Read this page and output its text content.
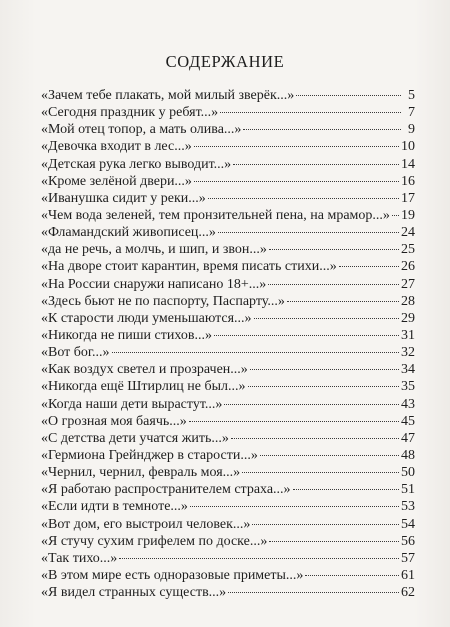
СОДЕРЖАНИЕ
«Зачем тебе плакать, мой милый зверёк...»	5
«Сегодня праздник у ребят...»	7
«Мой отец топор, а мать олива...»	9
«Девочка входит в лес...»	10
«Детская рука легко выводит...»	14
«Кроме зелёной двери...»	16
«Иванушка сидит у реки...»	17
«Чем вода зеленей, тем пронзительней пена, на мрамор...» 19
«Фламандский живописец...»	24
«да не речь, а молчь, и шип, и звон...»	25
«На дворе стоит карантин, время писать стихи...»	26
«На России снаружи написано 18+...»	27
«Здесь бьют не по паспорту, Паспарту...»	28
«К старости люди уменьшаются...»	29
«Никогда не пиши стихов...»	31
«Вот бог...»	32
«Как воздух светел и прозрачен...»	34
«Никогда ещё Штирлиц не был...»	35
«Когда наши дети вырастут...»	43
«О грозная моя баячь...»	45
«С детства дети учатся жить...»	47
«Гермиона Грейнджер в старости...»	48
«Чернил, чернил, февраль моя...»	50
«Я работаю распространителем страха...»	51
«Если идти в темноте...»	53
«Вот дом, его выстроил человек...»	54
«Я стучу сухим грифелем по доске...»	56
«Так тихо...»	57
«В этом мире есть одноразовые приметы...»	61
«Я видел странных существ...»	62
